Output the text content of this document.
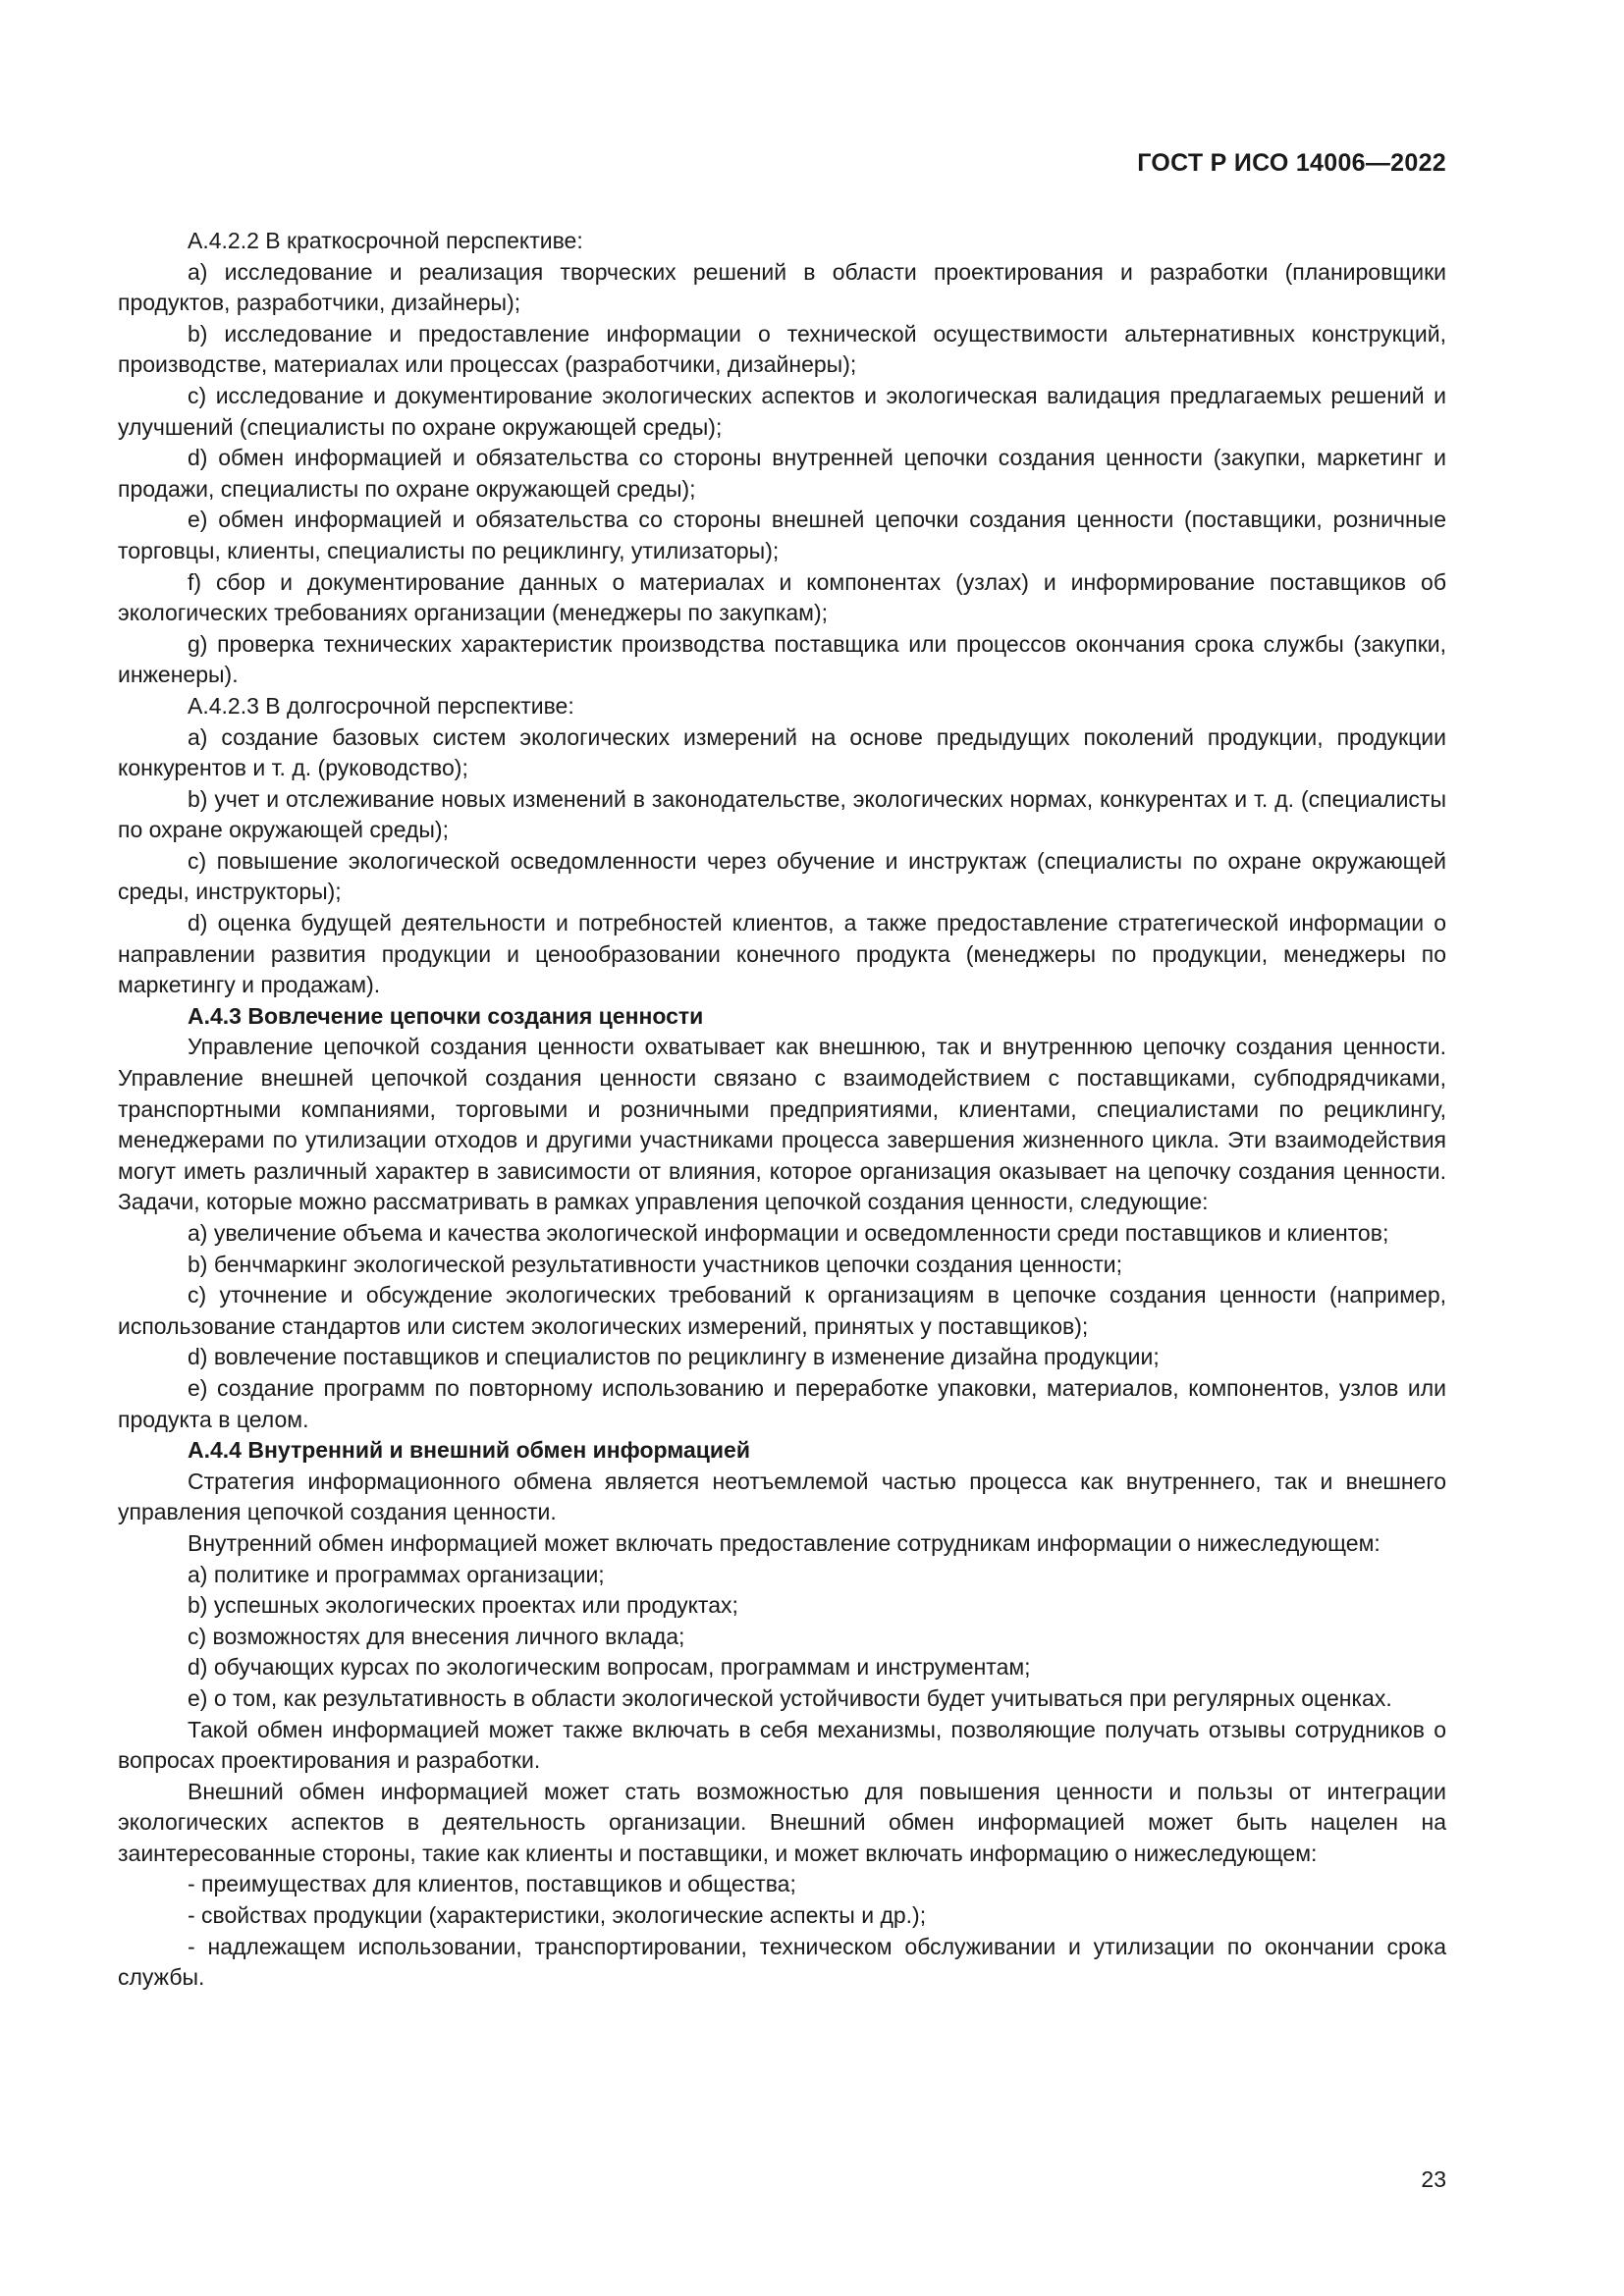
ГОСТ Р ИСО 14006—2022

А.4.2.2 В краткосрочной перспективе:

a) исследование и реализация творческих решений в области проектирования и разработки (планировщики продуктов, разработчики, дизайнеры);

b) исследование и предоставление информации о технической осуществимости альтернативных конструкций, производстве, материалах или процессах (разработчики, дизайнеры);

c) исследование и документирование экологических аспектов и экологическая валидация предлагаемых решений и улучшений (специалисты по охране окружающей среды);

d) обмен информацией и обязательства со стороны внутренней цепочки создания ценности (закупки, маркетинг и продажи, специалисты по охране окружающей среды);

e) обмен информацией и обязательства со стороны внешней цепочки создания ценности (поставщики, розничные торговцы, клиенты, специалисты по рециклингу, утилизаторы);

f) сбор и документирование данных о материалах и компонентах (узлах) и информирование поставщиков об экологических требованиях организации (менеджеры по закупкам);

g) проверка технических характеристик производства поставщика или процессов окончания срока службы (закупки, инженеры).

А.4.2.3 В долгосрочной перспективе:

a) создание базовых систем экологических измерений на основе предыдущих поколений продукции, продукции конкурентов и т. д. (руководство);

b) учет и отслеживание новых изменений в законодательстве, экологических нормах, конкурентах и т. д. (специалисты по охране окружающей среды);

c) повышение экологической осведомленности через обучение и инструктаж (специалисты по охране окружающей среды, инструкторы);

d) оценка будущей деятельности и потребностей клиентов, а также предоставление стратегической информации о направлении развития продукции и ценообразовании конечного продукта (менеджеры по продукции, менеджеры по маркетингу и продажам).

А.4.3 Вовлечение цепочки создания ценности

Управление цепочкой создания ценности охватывает как внешнюю, так и внутреннюю цепочку создания ценности. Управление внешней цепочкой создания ценности связано с взаимодействием с поставщиками, субподрядчиками, транспортными компаниями, торговыми и розничными предприятиями, клиентами, специалистами по рециклингу, менеджерами по утилизации отходов и другими участниками процесса завершения жизненного цикла. Эти взаимодействия могут иметь различный характер в зависимости от влияния, которое организация оказывает на цепочку создания ценности. Задачи, которые можно рассматривать в рамках управления цепочкой создания ценности, следующие:

a) увеличение объема и качества экологической информации и осведомленности среди поставщиков и клиентов;

b) бенчмаркинг экологической результативности участников цепочки создания ценности;

c) уточнение и обсуждение экологических требований к организациям в цепочке создания ценности (например, использование стандартов или систем экологических измерений, принятых у поставщиков);

d) вовлечение поставщиков и специалистов по рециклингу в изменение дизайна продукции;

e) создание программ по повторному использованию и переработке упаковки, материалов, компонентов, узлов или продукта в целом.

А.4.4 Внутренний и внешний обмен информацией

Стратегия информационного обмена является неотъемлемой частью процесса как внутреннего, так и внешнего управления цепочкой создания ценности.

Внутренний обмен информацией может включать предоставление сотрудникам информации о нижеследующем:

a) политике и программах организации;

b) успешных экологических проектах или продуктах;

c) возможностях для внесения личного вклада;

d) обучающих курсах по экологическим вопросам, программам и инструментам;

e) о том, как результативность в области экологической устойчивости будет учитываться при регулярных оценках.

Такой обмен информацией может также включать в себя механизмы, позволяющие получать отзывы сотрудников о вопросах проектирования и разработки.

Внешний обмен информацией может стать возможностью для повышения ценности и пользы от интеграции экологических аспектов в деятельность организации. Внешний обмен информацией может быть нацелен на заинтересованные стороны, такие как клиенты и поставщики, и может включать информацию о нижеследующем:

- преимуществах для клиентов, поставщиков и общества;

- свойствах продукции (характеристики, экологические аспекты и др.);

- надлежащем использовании, транспортировании, техническом обслуживании и утилизации по окончании срока службы.

23
